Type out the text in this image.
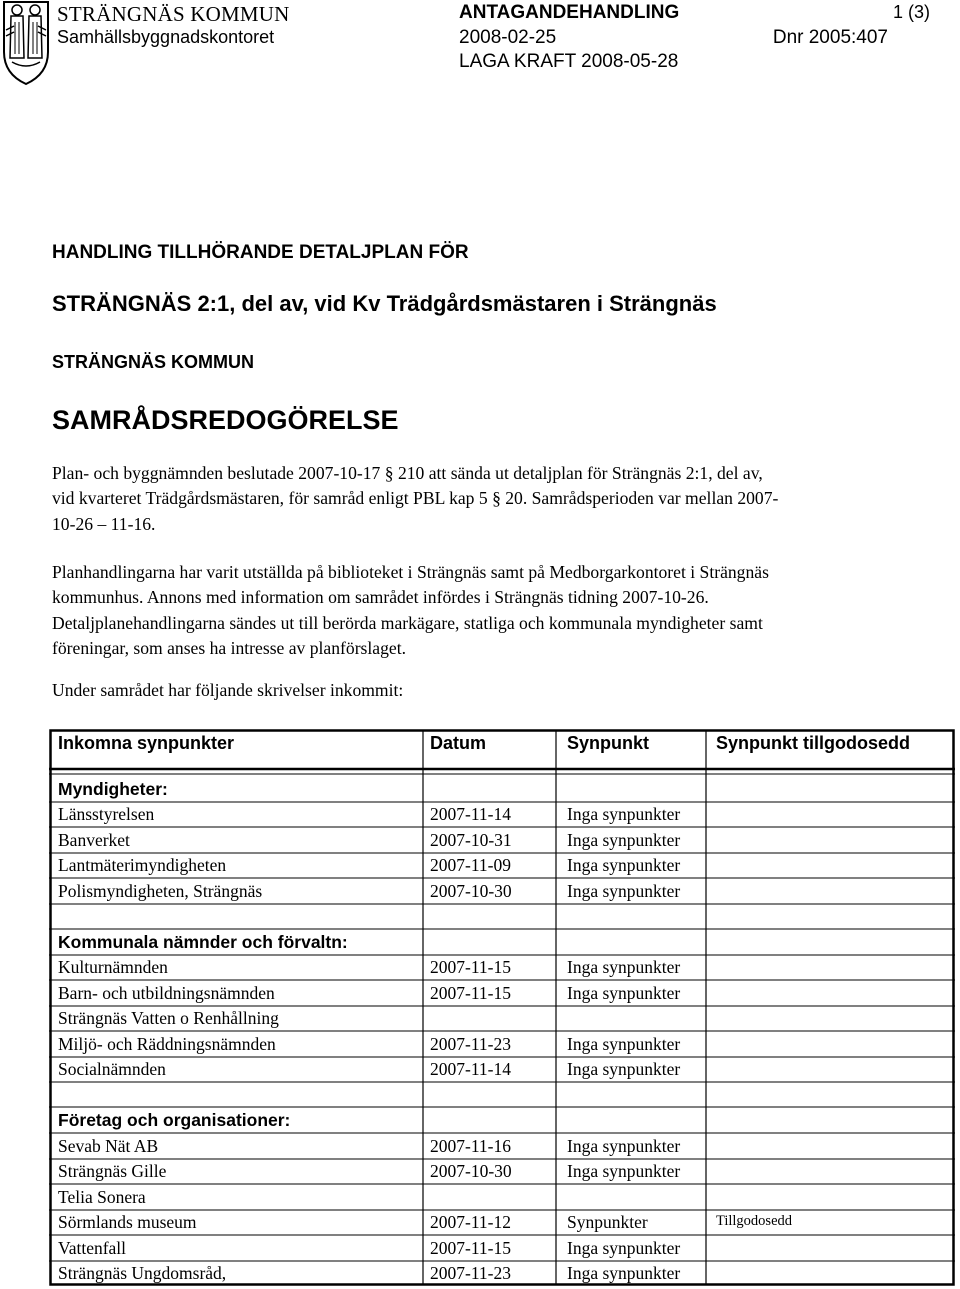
STRÄNGNÄS KOMMUN
Samhällsbyggnadskontoret
ANTAGANDEHANDLING	1 (3)
2008-02-25	Dnr 2005:407
LAGA KRAFT 2008-05-28
HANDLING TILLHÖRANDE DETALJPLAN FÖR
STRÄNGNÄS 2:1, del av, vid Kv Trädgårdsmästaren i Strängnäs
STRÄNGNÄS KOMMUN
SAMRÅDSREDOGÖRELSE
Plan- och byggnämnden beslutade 2007-10-17 § 210 att sända ut detaljplan för Strängnäs 2:1, del av,
vid kvarteret Trädgårdsmästaren, för samråd enligt PBL kap 5 § 20. Samrådsperioden var mellan 2007-
10-26 – 11-16.
Planhandlingarna har varit utställda på biblioteket i Strängnäs samt på Medborgarkontoret i Strängnäs
kommunhus. Annons med information om samrådet infördes i Strängnäs tidning 2007-10-26.
Detaljplanehandlingarna sändes ut till berörda markägare, statliga och kommunala myndigheter samt
föreningar, som anses ha intresse av planförslaget.
Under samrådet har följande skrivelser inkommit:
Inkomna synpunkter	Datum	Synpunkt	Synpunkt tillgodosedd
Myndigheter:
Länsstyrelsen	2007-11-14	Inga synpunkter
Banverket	2007-10-31	Inga synpunkter
Lantmäterimyndigheten	2007-11-09	Inga synpunkter
Polismyndigheten, Strängnäs	2007-10-30	Inga synpunkter
Kommunala nämnder och förvaltn:
Kulturnämnden	2007-11-15	Inga synpunkter
Barn- och utbildningsnämnden	2007-11-15	Inga synpunkter
Strängnäs Vatten o Renhållning
Miljö- och Räddningsnämnden	2007-11-23	Inga synpunkter
Socialnämnden	2007-11-14	Inga synpunkter
Företag och organisationer:
Sevab Nät AB	2007-11-16	Inga synpunkter
Strängnäs Gille	2007-10-30	Inga synpunkter
Telia Sonera
Sörmlands museum	2007-11-12	Synpunkter	Tillgodosedd
Vattenfall	2007-11-15	Inga synpunkter
Strängnäs Ungdomsråd,	2007-11-23	Inga synpunkter
